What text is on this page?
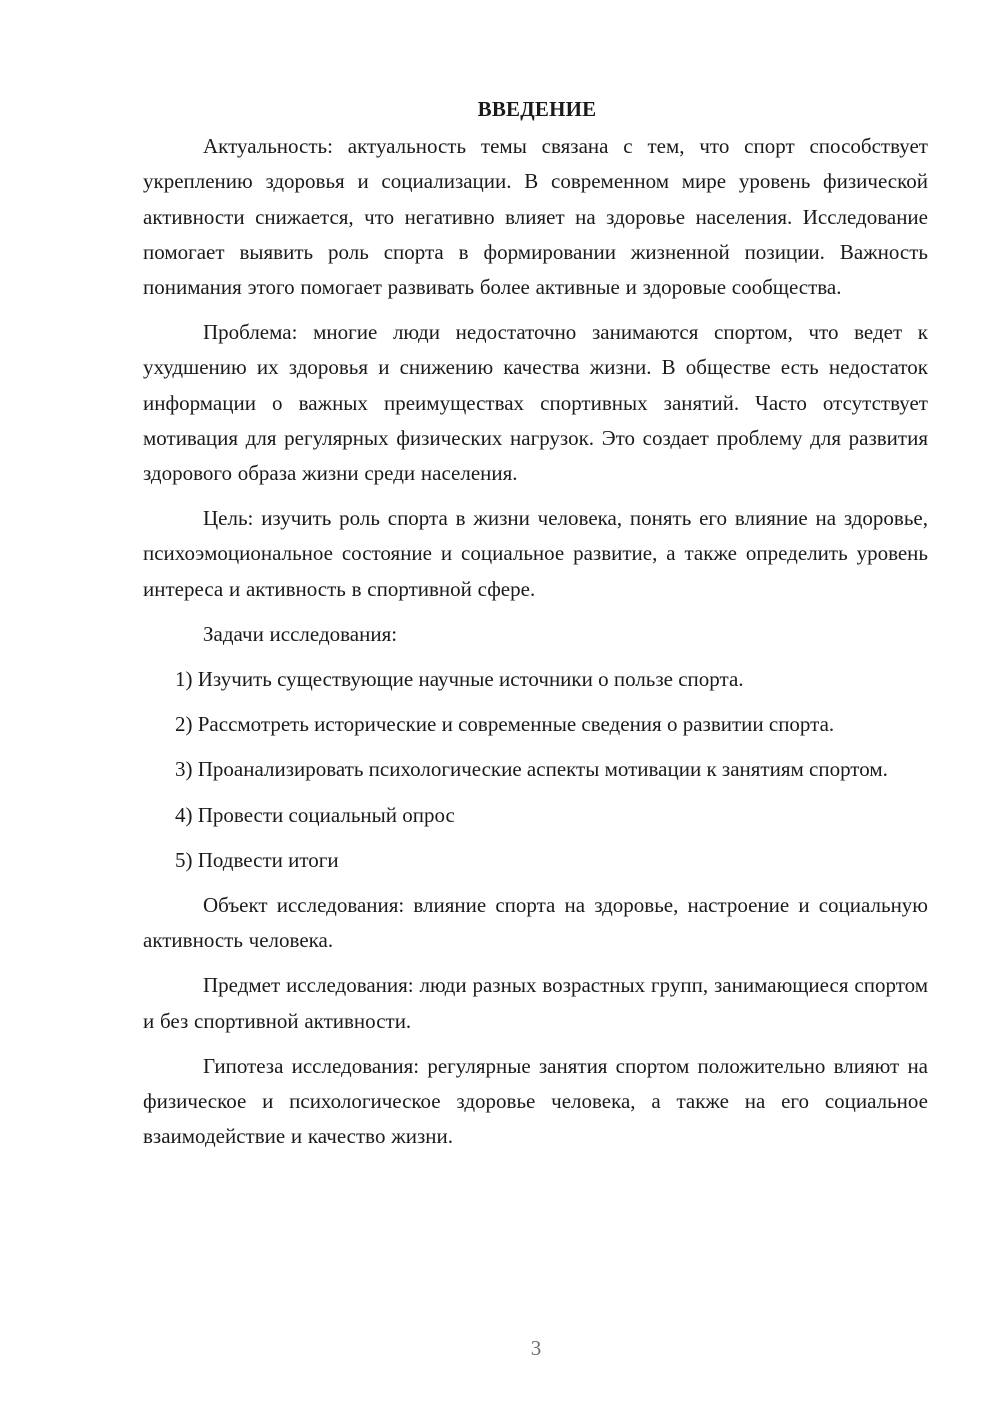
ВВЕДЕНИЕ

Актуальность: актуальность темы связана с тем, что спорт способствует укреплению здоровья и социализации. В современном мире уровень физической активности снижается, что негативно влияет на здоровье населения. Исследование помогает выявить роль спорта в формировании жизненной позиции. Важность понимания этого помогает развивать более активные и здоровые сообщества.

Проблема: многие люди недостаточно занимаются спортом, что ведет к ухудшению их здоровья и снижению качества жизни. В обществе есть недостаток информации о важных преимуществах спортивных занятий. Часто отсутствует мотивация для регулярных физических нагрузок. Это создает проблему для развития здорового образа жизни среди населения.

Цель: изучить роль спорта в жизни человека, понять его влияние на здоровье, психоэмоциональное состояние и социальное развитие, а также определить уровень интереса и активность в спортивной сфере.

Задачи исследования:

1) Изучить существующие научные источники о пользе спорта.

2) Рассмотреть исторические и современные сведения о развитии спорта.

3) Проанализировать психологические аспекты мотивации к занятиям спортом.

4) Провести социальный опрос

5) Подвести итоги

Объект исследования: влияние спорта на здоровье, настроение и социальную активность человека.

Предмет исследования: люди разных возрастных групп, занимающиеся спортом и без спортивной активности.

Гипотеза исследования: регулярные занятия спортом положительно влияют на физическое и психологическое здоровье человека, а также на его социальное взаимодействие и качество жизни.

3
